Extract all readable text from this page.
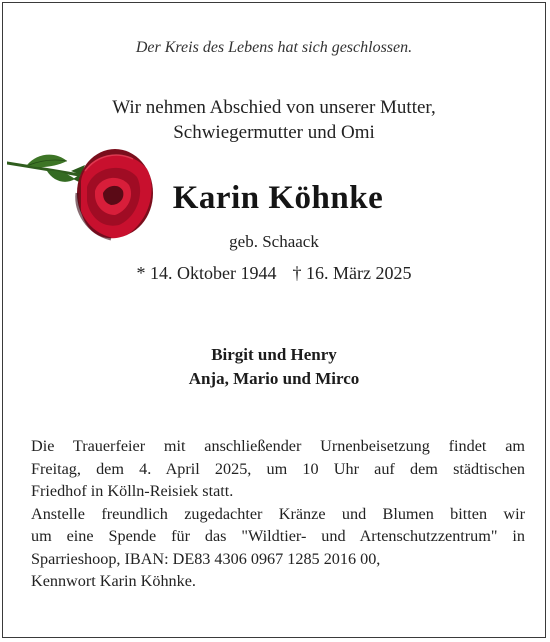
Der Kreis des Lebens hat sich geschlossen.
Wir nehmen Abschied von unserer Mutter,
Schwiegermutter und Omi
Karin Köhnke
geb. Schaack
* 14. Oktober 1944 † 16. März 2025
Birgit und Henry
Anja, Mario und Mirco
Die Trauerfeier mit anschließender Urnenbeisetzung findet am
Freitag, dem 4. April 2025, um 10 Uhr auf dem städtischen
Friedhof in Kölln-Reisiek statt.
Anstelle freundlich zugedachter Kränze und Blumen bitten wir
um eine Spende für das "Wildtier- und Artenschutzzentrum" in
Sparrieshoop, IBAN: DE83 4306 0967 1285 2016 00,
Kennwort Karin Köhnke.
